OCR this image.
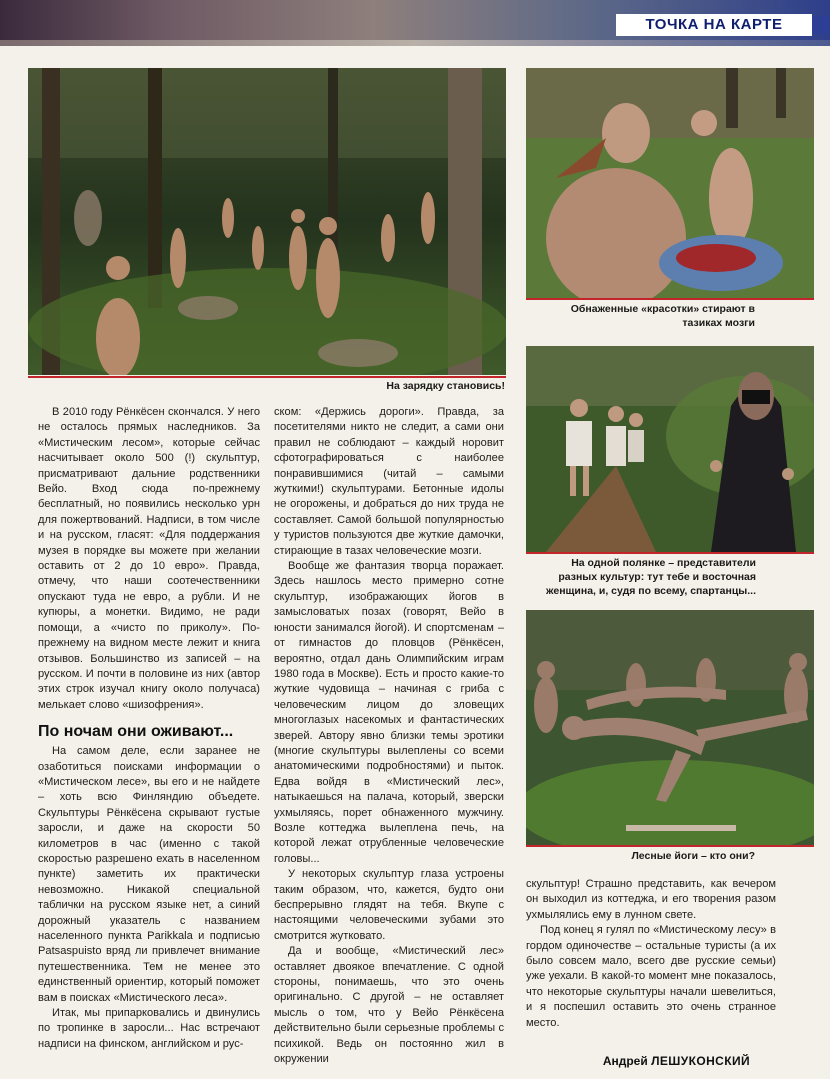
ТОЧКА НА КАРТЕ
На зарядку становись!
Обнаженные «красотки» стирают в тазиках мозги
На одной полянке – представители разных культур: тут тебе и восточная женщина, и, судя по всему, спартанцы...
Лесные йоги – кто они?

В 2010 году Рёнкёсен скончался. У него не осталось прямых наследников. За «Мистическим лесом», которые сейчас насчитывает около 500 (!) скульптур, присматривают дальние родственники Вейо. Вход сюда по-прежнему бесплатный, но появились несколько урн для пожертвований. Надписи, в том числе и на русском, гласят: «Для поддержания музея в порядке вы можете при желании оставить от 2 до 10 евро». Правда, отмечу, что наши соотечественники опускают туда не евро, а рубли. И не купюры, а монетки. Видимо, не ради помощи, а «чисто по приколу». По-прежнему на видном месте лежит и книга отзывов. Большинство из записей – на русском. И почти в половине из них (автор этих строк изучал книгу около получаса) мелькает слово «шизофрения».

По ночам они оживают...

На самом деле, если заранее не озаботиться поисками информации о «Мистическом лесе», вы его и не найдете – хоть всю Финляндию объедете. Скульптуры Рёнкёсена скрывают густые заросли, и даже на скорости 50 километров в час (именно с такой скоростью разрешено ехать в населенном пункте) заметить их практически невозможно. Никакой специальной таблички на русском языке нет, а синий дорожный указатель с названием населенного пункта Parikkala и подписью Patsaspuisto вряд ли привлечет внимание путешественника. Тем не менее это единственный ориентир, который поможет вам в поисках «Мистического леса».

Итак, мы припарковались и двинулись по тропинке в заросли... Нас встречают надписи на финском, английском и рус-

ском: «Держись дороги». Правда, за посетителями никто не следит, а сами они правил не соблюдают – каждый норовит сфотографироваться с наиболее понравившимися (читай – самыми жуткими!) скульптурами. Бетонные идолы не огорожены, и добраться до них труда не составляет. Самой большой популярностью у туристов пользуются две жуткие дамочки, стирающие в тазах человеческие мозги.

Вообще же фантазия творца поражает. Здесь нашлось место примерно сотне скульптур, изображающих йогов в замысловатых позах (говорят, Вейо в юности занимался йогой). И спортсменам – от гимнастов до пловцов (Рёнкёсен, вероятно, отдал дань Олимпийским играм 1980 года в Москве). Есть и просто какие-то жуткие чудовища – начиная с гриба с человеческим лицом до зловещих многоглазых насекомых и фантастических зверей. Автору явно близки темы эротики (многие скульптуры вылеплены со всеми анатомическими подробностями) и пыток. Едва войдя в «Мистический лес», натыкаешься на палача, который, зверски ухмыляясь, порет обнаженного мужчину. Возле коттеджа вылеплена печь, на которой лежат отрубленные человеческие головы...

У некоторых скульптур глаза устроены таким образом, что, кажется, будто они беспрерывно глядят на тебя. Вкупе с настоящими человеческими зубами это смотрится жутковато.

Да и вообще, «Мистический лес» оставляет двоякое впечатление. С одной стороны, понимаешь, что это очень оригинально. С другой – не оставляет мысль о том, что у Вейо Рёнкёсена действительно были серьезные проблемы с психикой. Ведь он постоянно жил в окружении

скульптур! Страшно представить, как вечером он выходил из коттеджа, и его творения разом ухмылялись ему в лунном свете.

Под конец я гулял по «Мистическому лесу» в гордом одиночестве – остальные туристы (а их было совсем мало, всего две русские семьи) уже уехали. В какой-то момент мне показалось, что некоторые скульптуры начали шевелиться, и я поспешил оставить это очень странное место.

Андрей ЛЕШУКОНСКИЙ
